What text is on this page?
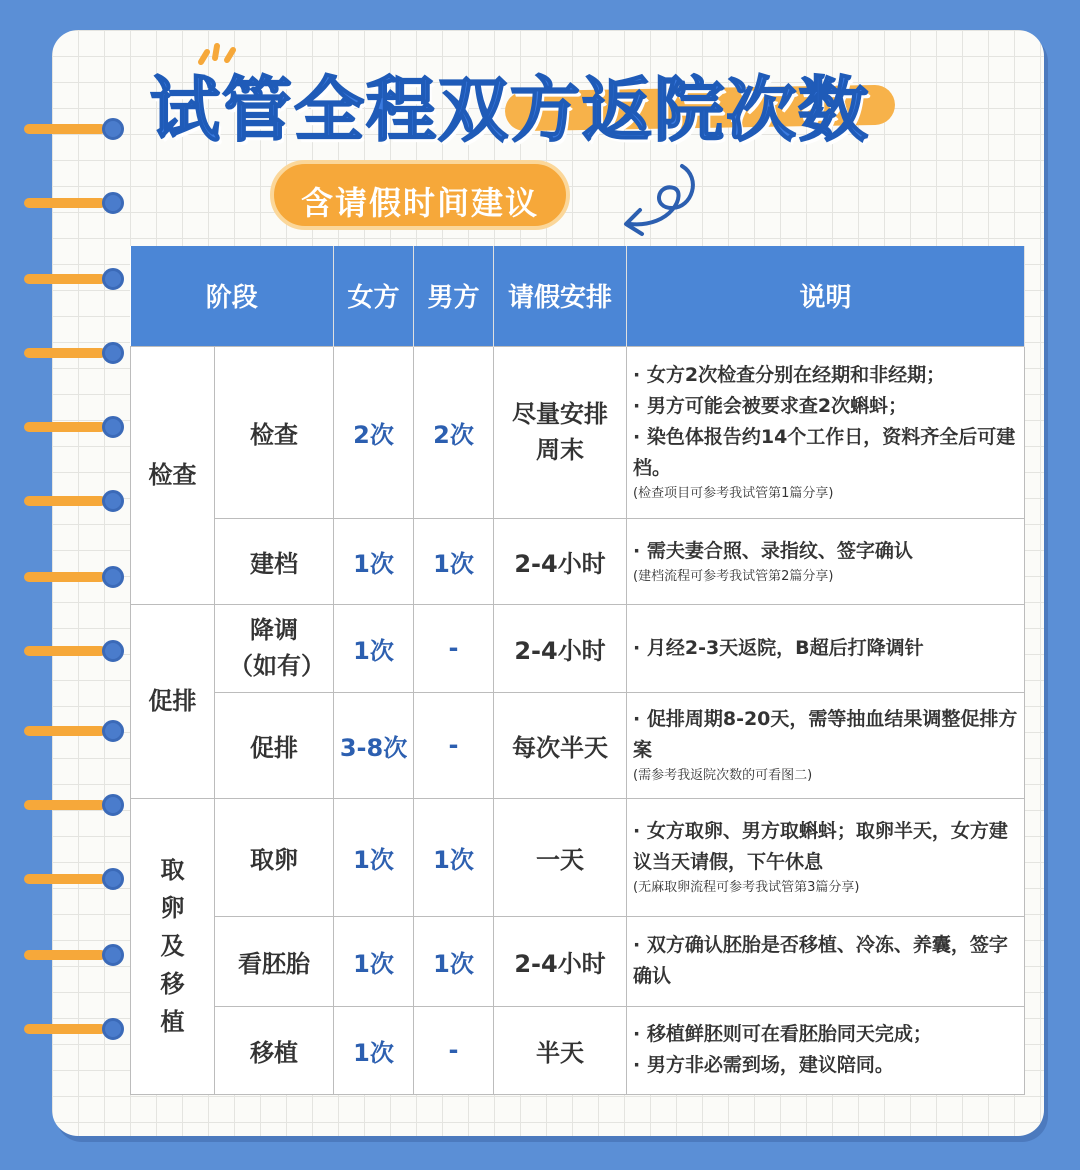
试管全程双方返院次数
含请假时间建议
阶段		女方	男方	请假安排	说明
检查	检查	2次	2次	尽量安排周末	· 女方2次检查分别在经期和非经期；
· 男方可能会被要求查2次蝌蚪；
· 染色体报告约14个工作日，资料齐全后可建档。
(检查项目可参考我试管第1篇分享)

	建档	1次	1次	2-4小时	· 需夫妻合照、录指纹、签字确认
(建档流程可参考我试管第2篇分享)

促排	降调（如有）	1次	-	2-4小时	· 月经2-3天返院，B超后打降调针

	促排	3-8次	-	每次半天	· 促排周期8-20天，需等抽血结果调整促排方案
(需参考我返院次数的可看图二)

取卵及移植	取卵	1次	1次	一天	· 女方取卵、男方取蝌蚪；取卵半天，女方建议当天请假，下午休息
(无麻取卵流程可参考我试管第3篇分享)

	看胚胎	1次	1次	2-4小时	· 双方确认胚胎是否移植、冷冻、养囊，签字确认

	移植	1次	-	半天	· 移植鲜胚则可在看胚胎同天完成；
· 男方非必需到场，建议陪同。
